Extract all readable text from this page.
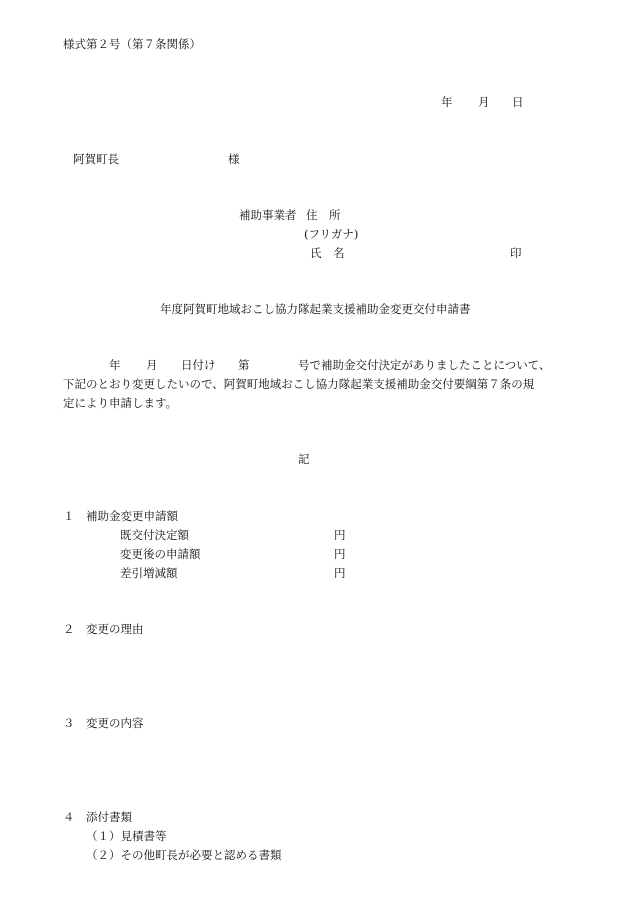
様式第２号（第７条関係）
年 月 日
阿賀町長	様
補助事業者 住　所
(フリガナ)
氏　名	印
年度阿賀町地域おこし協力隊起業支援補助金変更交付申請書
年 月 日付け 第	号で補助金交付決定がありましたことについて、
下記のとおり変更したいので、阿賀町地域おこし協力隊起業支援補助金交付要綱第７条の規
定により申請します。
記
１ 補助金変更申請額
既交付決定額	円
変更後の申請額	円
差引増減額	円
２ 変更の理由
３ 変更の内容
４ 添付書類
（１）見積書等
（２）その他町長が必要と認める書類
